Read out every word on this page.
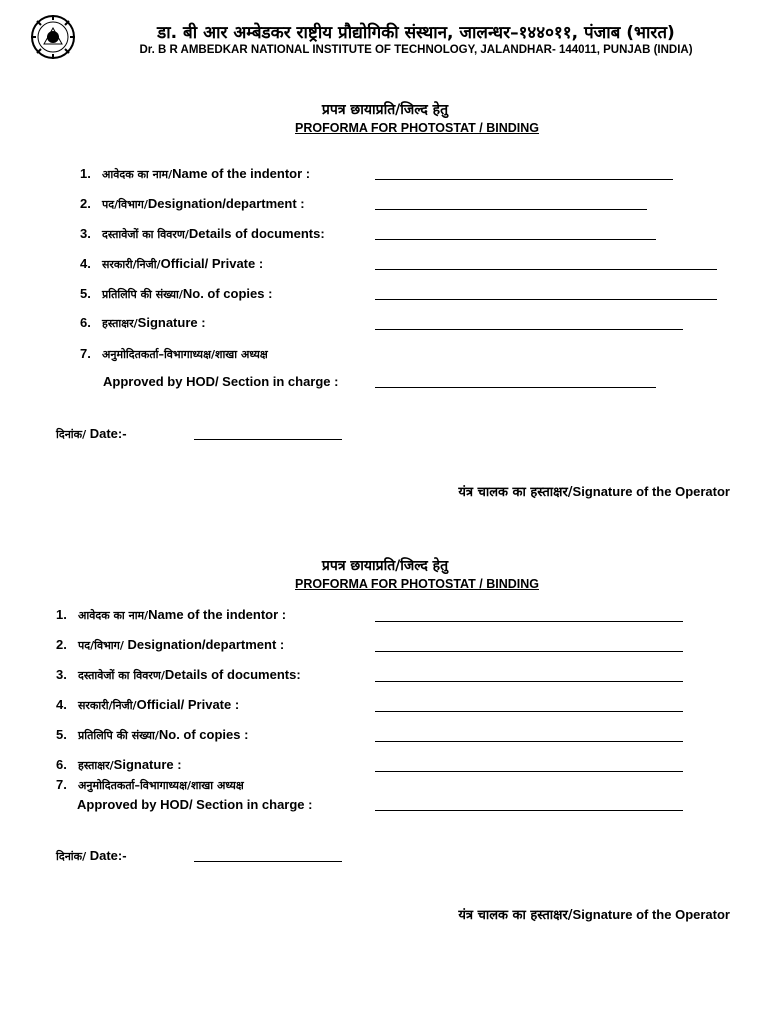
डा. बी आर अम्बेडकर राष्ट्रीय प्रौद्योगिकी संस्थान, जालन्धर–१४४०११, पंजाब (भारत)
Dr. B R AMBEDKAR NATIONAL INSTITUTE OF TECHNOLOGY, JALANDHAR- 144011, PUNJAB (INDIA)
प्रपत्र छायाप्रति/जिल्द हेतु
PROFORMA FOR PHOTOSTAT / BINDING
1. आवेदक का नाम/Name of the indentor :
2. पद/विभाग/Designation/department :
3. दस्तावेजों का विवरण/Details of documents:
4. सरकारी/निजी/Official/ Private :
5. प्रतिलिपि की संख्या/No. of copies :
6. हस्ताक्षर/Signature :
7. अनुमोदितकर्ता–विभागाध्यक्ष/शाखा अध्यक्ष
Approved by HOD/ Section in charge :
दिनांक/ Date:-
यंत्र चालक का हस्ताक्षर/Signature of the Operator
प्रपत्र छायाप्रति/जिल्द हेतु
PROFORMA FOR PHOTOSTAT / BINDING
1. आवेदक का नाम/Name of the indentor :
2. पद/विभाग/ Designation/department :
3. दस्तावेजों का विवरण/Details of documents:
4. सरकारी/निजी/Official/ Private :
5. प्रतिलिपि की संख्या/No. of copies :
6. हस्ताक्षर/Signature :
7. अनुमोदितकर्ता–विभागाध्यक्ष/शाखा अध्यक्ष
Approved by HOD/ Section in charge :
दिनांक/ Date:-
यंत्र चालक का हस्ताक्षर/Signature of the Operator
